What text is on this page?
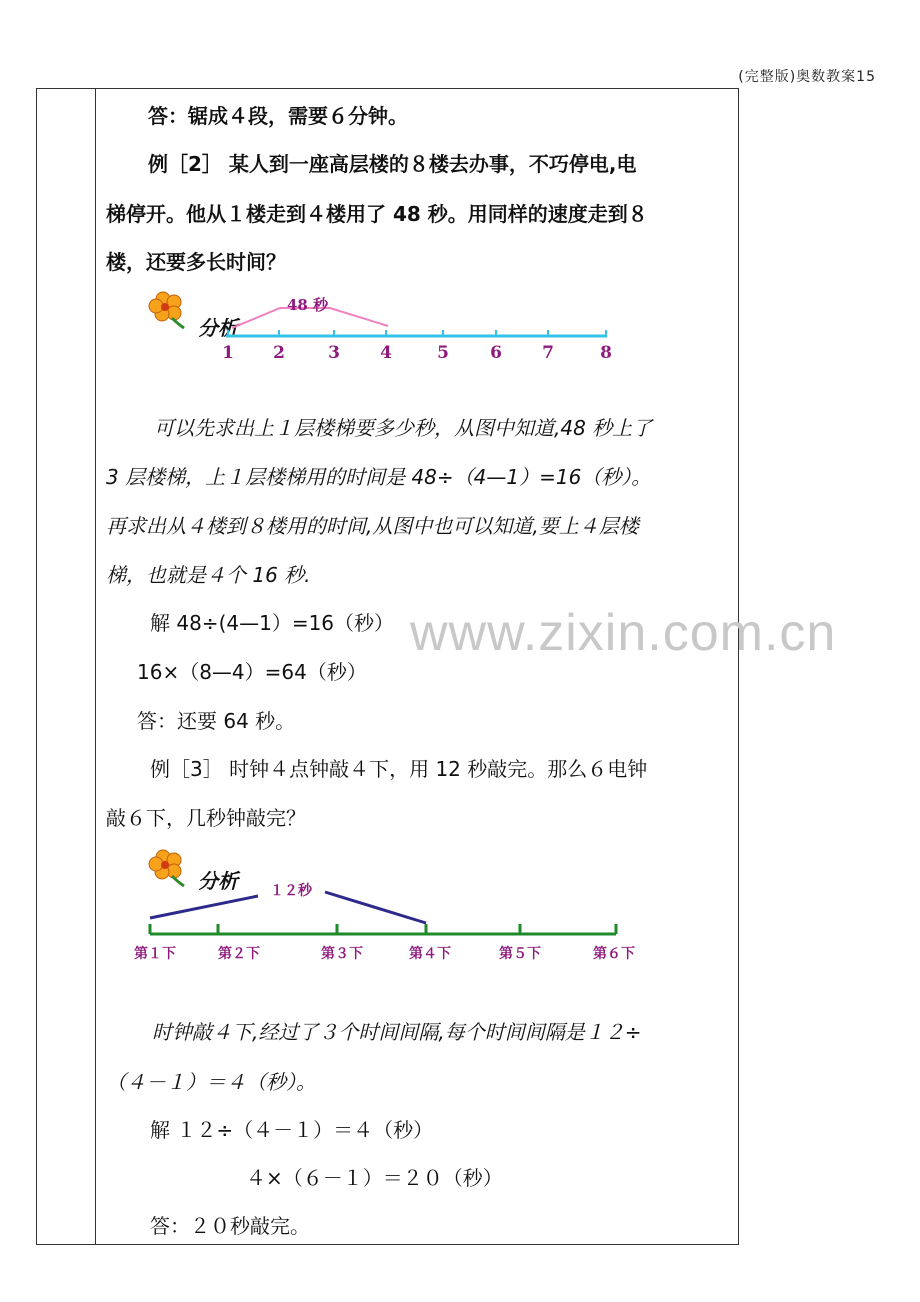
(完整版)奥数教案15
www.zixin.com.cn
答：锯成４段，需要６分钟。
例［2］ 某人到一座高层楼的８楼去办事，不巧停电,电
梯停开。他从１楼走到４楼用了 48 秒。用同样的速度走到８
楼，还要多长时间？
分析
48 秒
1 2	3 4	5 6 7	8
可以先求出上１层楼梯要多少秒，从图中知道,48 秒上了
3 层楼梯，上１层楼梯用的时间是 48÷（4—1）=16（秒）。
再求出从４楼到８楼用的时间,从图中也可以知道,要上４层楼
梯，也就是４个 16 秒.
解 48÷(4—1）=16（秒）
16×（8—4）=64（秒）
答：还要 64 秒。
例［3］ 时钟４点钟敲４下，用 12 秒敲完。那么６电钟
敲６下，几秒钟敲完？
分析 １２秒
第１下	第２下	第３下	第４下	第５下	第６下
时钟敲４下,经过了３个时间间隔,每个时间间隔是１２÷
（４－１）＝４（秒）。
解 １２÷（４－１）＝４（秒）
４×（６－１）＝２０（秒）
答：２０秒敲完。
